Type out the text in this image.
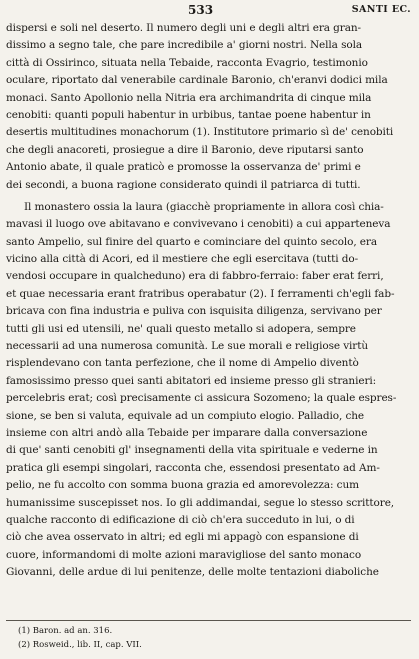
533	SANTI EC.
dispersi e soli nel deserto. Il numero degli uni e degli altri era gran-
dissimo a segno tale, che pare incredibile a' giorni nostri. Nella sola
città di Ossirinco, situata nella Tebaide, racconta Evagrio, testimonio
oculare, riportato dal venerabile cardinale Baronio, ch'eranvi dodici mila
monaci. Santo Apollonio nella Nitria era archimandrita di cinque mila
cenobiti: quanti populi habentur in urbibus, tantae poene habentur in
desertis multitudines monachorum (1). Institutore primario sì de' cenobiti
che degli anacoreti, prosiegue a dire il Baronio, deve riputarsi santo
Antonio abate, il quale praticò e promosse la osservanza de' primi e
dei secondi, a buona ragione considerato quindi il patriarca di tutti.
Il monastero ossia la laura (giacchè propriamente in allora così chia-
mavasi il luogo ove abitavano e convivevano i cenobiti) a cui apparteneva
santo Ampelio, sul finire del quarto e cominciare del quinto secolo, era
vicino alla città di Acori, ed il mestiere che egli esercitava (tutti do-
vendosi occupare in qualcheduno) era di fabbro-ferraio: faber erat ferri,
et quae necessaria erant fratribus operabatur (2). I ferramenti ch'egli fab-
bricava con fina industria e puliva con isquisita diligenza, servivano per
tutti gli usi ed utensili, ne' quali questo metallo si adopera, sempre
necessarii ad una numerosa comunità. Le sue morali e religiose virtù
risplendevano con tanta perfezione, che il nome di Ampelio diventò
famosissimo presso quei santi abitatori ed insieme presso gli stranieri:
percelebris erat; così precisamente ci assicura Sozomeno; la quale espres-
sione, se ben si valuta, equivale ad un compiuto elogio. Palladio, che
insieme con altri andò alla Tebaide per imparare dalla conversazione
di que' santi cenobiti gl' insegnamenti della vita spirituale e vederne in
pratica gli esempi singolari, racconta che, essendosi presentato ad Am-
pelio, ne fu accolto con somma buona grazia ed amorevolezza: cum
humanissime suscepisset nos. Io gli addimandai, segue lo stesso scrittore,
qualche racconto di edificazione di ciò ch'era succeduto in lui, o di
ciò che avea osservato in altri; ed egli mi appagò con espansione di
cuore, informandomi di molte azioni maravigliose del santo monaco
Giovanni, delle ardue di lui penitenze, delle molte tentazioni diaboliche
(1) Baron. ad an. 316.
(2) Rosweid., lib. II, cap. VII.
